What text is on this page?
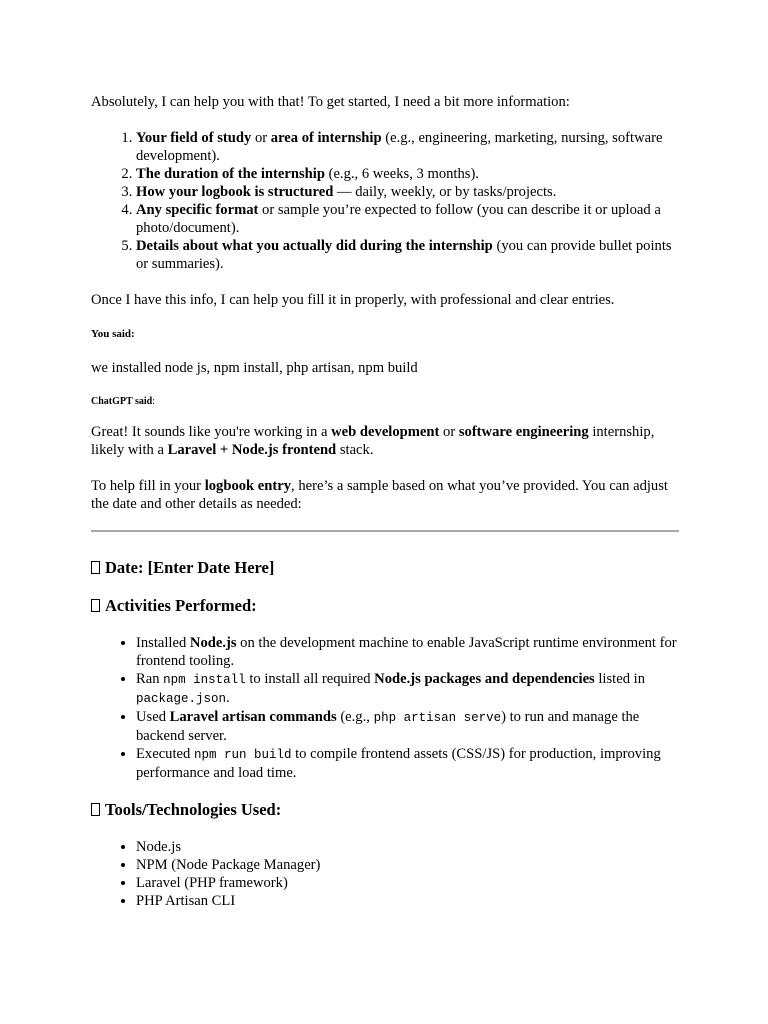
Absolutely, I can help you with that! To get started, I need a bit more information:

1. Your field of study or area of internship (e.g., engineering, marketing, nursing, software development).
2. The duration of the internship (e.g., 6 weeks, 3 months).
3. How your logbook is structured — daily, weekly, or by tasks/projects.
4. Any specific format or sample you’re expected to follow (you can describe it or upload a photo/document).
5. Details about what you actually did during the internship (you can provide bullet points or summaries).

Once I have this info, I can help you fill it in properly, with professional and clear entries.

You said:

we installed node js, npm install, php artisan, npm build

ChatGPT said:

Great! It sounds like you're working in a web development or software engineering internship, likely with a Laravel + Node.js frontend stack.

To help fill in your logbook entry, here’s a sample based on what you’ve provided. You can adjust the date and other details as needed:

Date: [Enter Date Here]
Activities Performed:
• Installed Node.js on the development machine to enable JavaScript runtime environment for frontend tooling.
• Ran npm install to install all required Node.js packages and dependencies listed in package.json.
• Used Laravel artisan commands (e.g., php artisan serve) to run and manage the backend server.
• Executed npm run build to compile frontend assets (CSS/JS) for production, improving performance and load time.
Tools/Technologies Used:
• Node.js
• NPM (Node Package Manager)
• Laravel (PHP framework)
• PHP Artisan CLI
